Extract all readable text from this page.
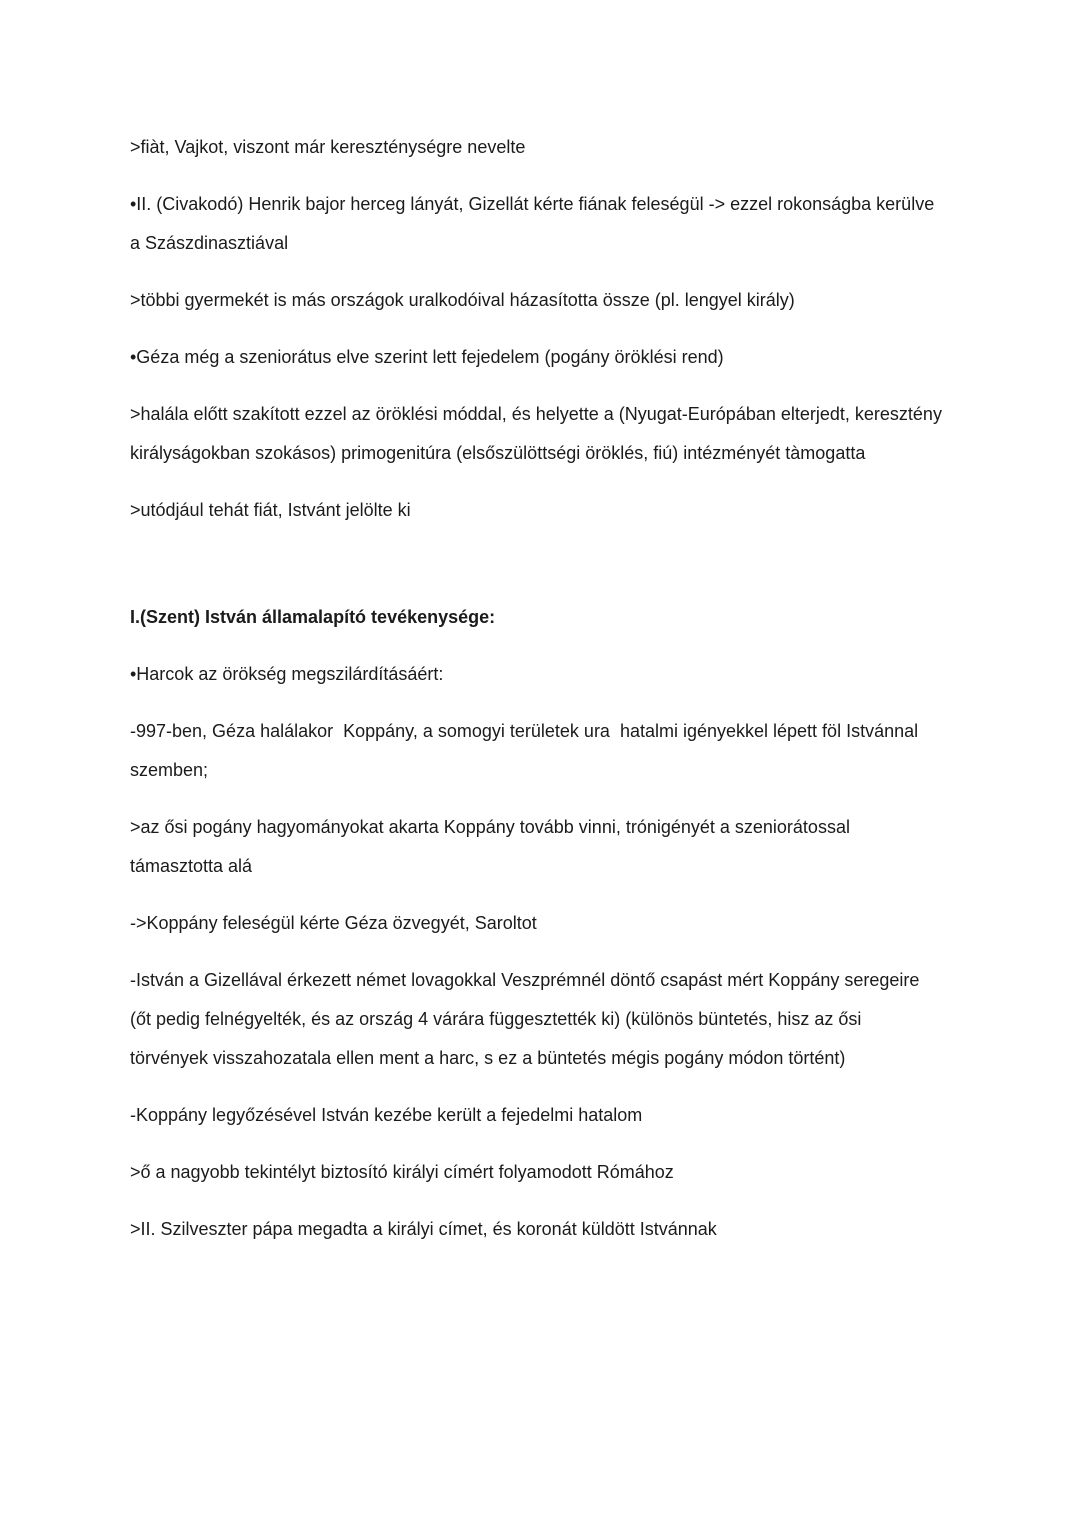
>fiàt, Vajkot, viszont már kereszténységre nevelte

•II. (Civakodó) Henrik bajor herceg lányát, Gizellát kérte fiának feleségül -> ezzel rokonságba kerülve a Szászdinasztiával

>többi gyermekét is más országok uralkodóival házasította össze (pl. lengyel király)

•Géza még a szeniorátus elve szerint lett fejedelem (pogány öröklési rend)

>halála előtt szakított ezzel az öröklési móddal, és helyette a (Nyugat-Európában elterjedt, keresztény királyságokban szokásos) primogenitúra (elsőszülöttségi öröklés, fiú) intézményét tàmogatta

>utódjául tehát fiát, Istvánt jelölte ki

I.(Szent) István államalapító tevékenysége:

•Harcok az örökség megszilárdításáért:

-997-ben, Géza halálakor  Koppány, a somogyi területek ura  hatalmi igényekkel lépett föl Istvánnal szemben;

>az ősi pogány hagyományokat akarta Koppány tovább vinni, trónigényét a szeniorátossal támasztotta alá

->Koppány feleségül kérte Géza özvegyét, Saroltot

-István a Gizellával érkezett német lovagokkal Veszprémnél döntő csapást mért Koppány seregeire (őt pedig felnégyelték, és az ország 4 várára függesztették ki) (különös büntetés, hisz az ősi törvények visszahozatala ellen ment a harc, s ez a büntetés mégis pogány módon történt)

-Koppány legyőzésével István kezébe került a fejedelmi hatalom

>ő a nagyobb tekintélyt biztosító királyi címért folyamodott Rómához

>II. Szilveszter pápa megadta a királyi címet, és koronát küldött Istvánnak
